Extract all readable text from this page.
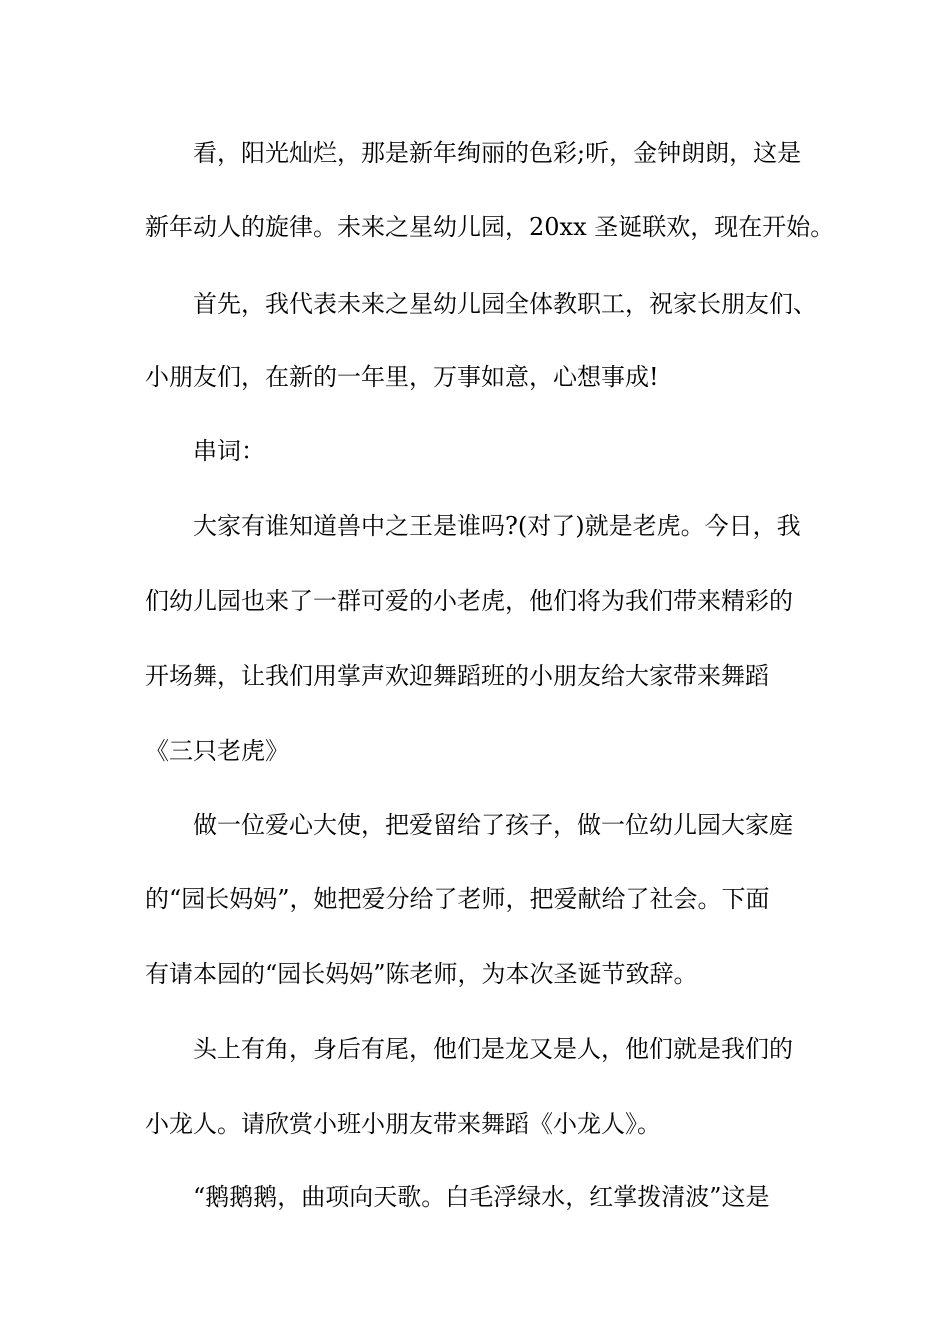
　　看，阳光灿烂，那是新年绚丽的色彩;听，金钟朗朗，这是

新年动人的旋律。未来之星幼儿园，20xx 圣诞联欢，现在开始。

　　首先，我代表未来之星幼儿园全体教职工，祝家长朋友们、

小朋友们，在新的一年里，万事如意，心想事成!

　　串词：

　　大家有谁知道兽中之王是谁吗?(对了)就是老虎。今日，我

们幼儿园也来了一群可爱的小老虎，他们将为我们带来精彩的

开场舞，让我们用掌声欢迎舞蹈班的小朋友给大家带来舞蹈

《三只老虎》

　　做一位爱心大使，把爱留给了孩子，做一位幼儿园大家庭

的“园长妈妈”，她把爱分给了老师，把爱献给了社会。下面

有请本园的“园长妈妈”陈老师，为本次圣诞节致辞。

　　头上有角，身后有尾，他们是龙又是人，他们就是我们的

小龙人。请欣赏小班小朋友带来舞蹈《小龙人》。

　　“鹅鹅鹅，曲项向天歌。白毛浮绿水，红掌拨清波”这是
